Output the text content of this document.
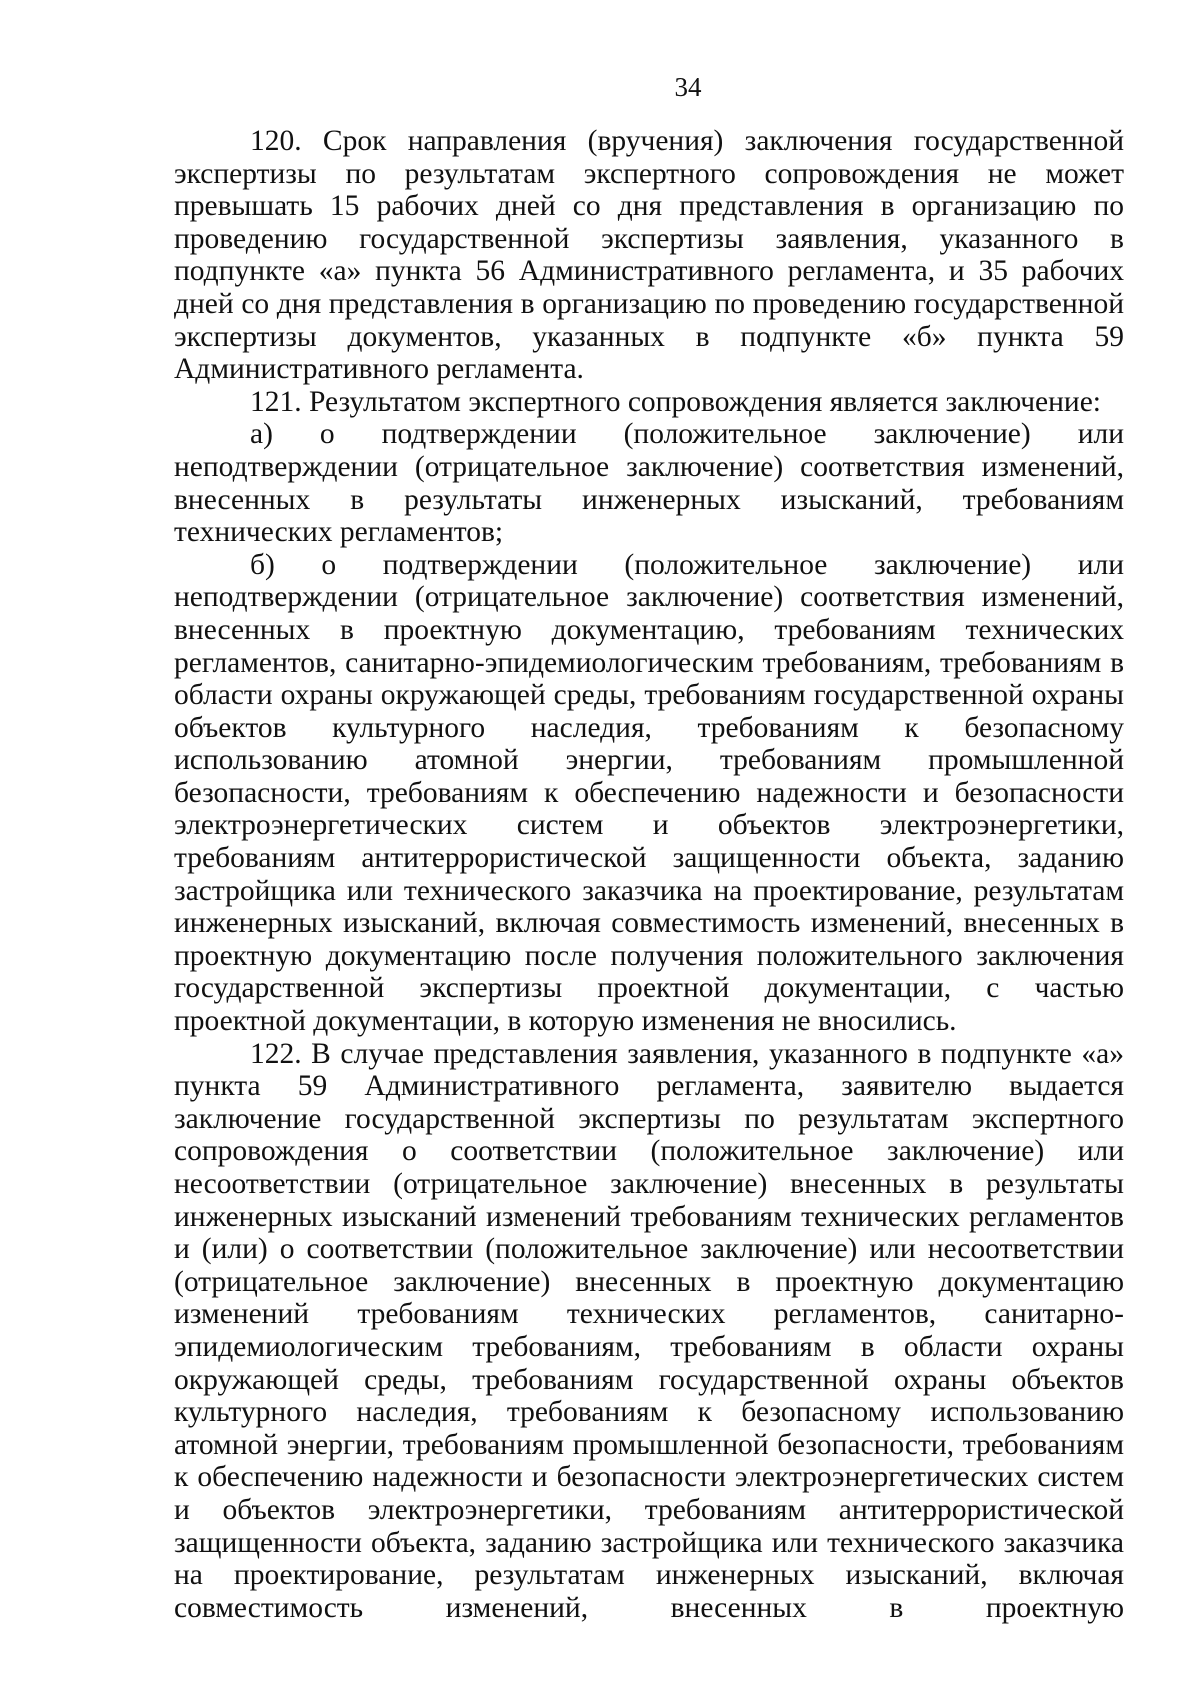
34

120. Срок направления (вручения) заключения государственной экспертизы по результатам экспертного сопровождения не может превышать 15 рабочих дней со дня представления в организацию по проведению государственной экспертизы заявления, указанного в подпункте «а» пункта 56 Административного регламента, и 35 рабочих дней со дня представления в организацию по проведению государственной экспертизы документов, указанных в подпункте «б» пункта 59 Административного регламента.

121. Результатом экспертного сопровождения является заключение:

а) о подтверждении (положительное заключение) или неподтверждении (отрицательное заключение) соответствия изменений, внесенных в результаты инженерных изысканий, требованиям технических регламентов;

б) о подтверждении (положительное заключение) или неподтверждении (отрицательное заключение) соответствия изменений, внесенных в проектную документацию, требованиям технических регламентов, санитарно-эпидемиологическим требованиям, требованиям в области охраны окружающей среды, требованиям государственной охраны объектов культурного наследия, требованиям к безопасному использованию атомной энергии, требованиям промышленной безопасности, требованиям к обеспечению надежности и безопасности электроэнергетических систем и объектов электроэнергетики, требованиям антитеррористической защищенности объекта, заданию застройщика или технического заказчика на проектирование, результатам инженерных изысканий, включая совместимость изменений, внесенных в проектную документацию после получения положительного заключения государственной экспертизы проектной документации, с частью проектной документации, в которую изменения не вносились.

122. В случае представления заявления, указанного в подпункте «а» пункта 59 Административного регламента, заявителю выдается заключение государственной экспертизы по результатам экспертного сопровождения о соответствии (положительное заключение) или несоответствии (отрицательное заключение) внесенных в результаты инженерных изысканий изменений требованиям технических регламентов и (или) о соответствии (положительное заключение) или несоответствии (отрицательное заключение) внесенных в проектную документацию изменений требованиям технических регламентов, санитарно-эпидемиологическим требованиям, требованиям в области охраны окружающей среды, требованиям государственной охраны объектов культурного наследия, требованиям к безопасному использованию атомной энергии, требованиям промышленной безопасности, требованиям к обеспечению надежности и безопасности электроэнергетических систем и объектов электроэнергетики, требованиям антитеррористической защищенности объекта, заданию застройщика или технического заказчика на проектирование, результатам инженерных изысканий, включая совместимость изменений, внесенных в проектную
